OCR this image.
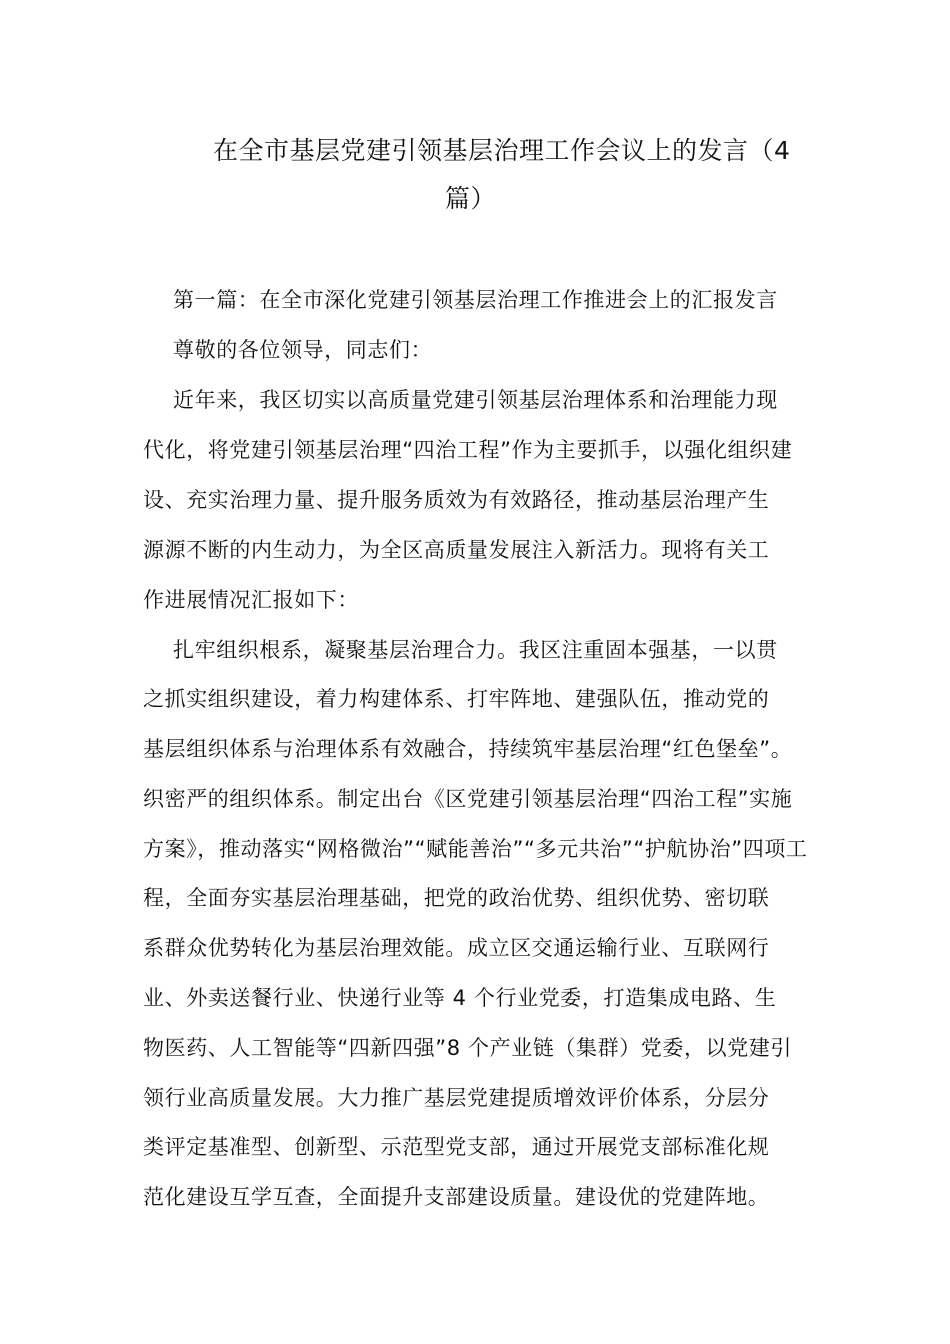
在全市基层党建引领基层治理工作会议上的发言（4
篇）
第一篇：在全市深化党建引领基层治理工作推进会上的汇报发言
尊敬的各位领导，同志们：
近年来，我区切实以高质量党建引领基层治理体系和治理能力现
代化，将党建引领基层治理“四治工程”作为主要抓手，以强化组织建
设、充实治理力量、提升服务质效为有效路径，推动基层治理产生
源源不断的内生动力，为全区高质量发展注入新活力。现将有关工
作进展情况汇报如下：
扎牢组织根系，凝聚基层治理合力。我区注重固本强基，一以贯
之抓实组织建设，着力构建体系、打牢阵地、建强队伍，推动党的
基层组织体系与治理体系有效融合，持续筑牢基层治理“红色堡垒”。
织密严的组织体系。制定出台《区党建引领基层治理“四治工程”实施
方案》，推动落实“网格微治”“赋能善治”“多元共治”“护航协治”四项工
程，全面夯实基层治理基础，把党的政治优势、组织优势、密切联
系群众优势转化为基层治理效能。成立区交通运输行业、互联网行
业、外卖送餐行业、快递行业等 4 个行业党委，打造集成电路、生
物医药、人工智能等“四新四强”8 个产业链（集群）党委，以党建引
领行业高质量发展。大力推广基层党建提质增效评价体系，分层分
类评定基准型、创新型、示范型党支部，通过开展党支部标准化规
范化建设互学互查，全面提升支部建设质量。建设优的党建阵地。
